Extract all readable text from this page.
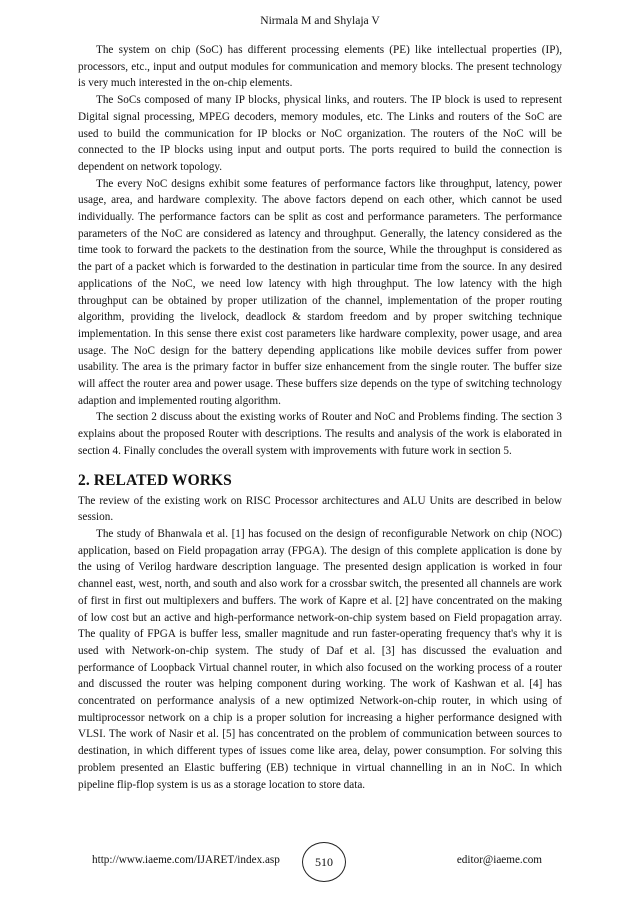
Nirmala M and Shylaja V

The system on chip (SoC) has different processing elements (PE) like intellectual properties (IP), processors, etc., input and output modules for communication and memory blocks. The present technology is very much interested in the on-chip elements.

The SoCs composed of many IP blocks, physical links, and routers. The IP block is used to represent Digital signal processing, MPEG decoders, memory modules, etc. The Links and routers of the SoC are used to build the communication for IP blocks or NoC organization. The routers of the NoC will be connected to the IP blocks using input and output ports. The ports required to build the connection is dependent on network topology.

The every NoC designs exhibit some features of performance factors like throughput, latency, power usage, area, and hardware complexity. The above factors depend on each other, which cannot be used individually. The performance factors can be split as cost and performance parameters. The performance parameters of the NoC are considered as latency and throughput. Generally, the latency considered as the time took to forward the packets to the destination from the source, While the throughput is considered as the part of a packet which is forwarded to the destination in particular time from the source. In any desired applications of the NoC, we need low latency with high throughput. The low latency with the high throughput can be obtained by proper utilization of the channel, implementation of the proper routing algorithm, providing the livelock, deadlock & stardom freedom and by proper switching technique implementation. In this sense there exist cost parameters like hardware complexity, power usage, and area usage. The NoC design for the battery depending applications like mobile devices suffer from power usability. The area is the primary factor in buffer size enhancement from the single router. The buffer size will affect the router area and power usage. These buffers size depends on the type of switching technology adaption and implemented routing algorithm.

The section 2 discuss about the existing works of Router and NoC and Problems finding. The section 3 explains about the proposed Router with descriptions. The results and analysis of the work is elaborated in section 4. Finally concludes the overall system with improvements with future work in section 5.

2. RELATED WORKS

The review of the existing work on RISC Processor architectures and ALU Units are described in below session.

The study of Bhanwala et al. [1] has focused on the design of reconfigurable Network on chip (NOC) application, based on Field propagation array (FPGA). The design of this complete application is done by the using of Verilog hardware description language. The presented design application is worked in four channel east, west, north, and south and also work for a crossbar switch, the presented all channels are work of first in first out multiplexers and buffers. The work of Kapre et al. [2] have concentrated on the making of low cost but an active and high-performance network-on-chip system based on Field propagation array. The quality of FPGA is buffer less, smaller magnitude and run faster-operating frequency that's why it is used with Network-on-chip system. The study of Daf et al. [3] has discussed the evaluation and performance of Loopback Virtual channel router, in which also focused on the working process of a router and discussed the router was helping component during working. The work of Kashwan et al. [4] has concentrated on performance analysis of a new optimized Network-on-chip router, in which using of multiprocessor network on a chip is a proper solution for increasing a higher performance designed with VLSI. The work of Nasir et al. [5] has concentrated on the problem of communication between sources to destination, in which different types of issues come like area, delay, power consumption. For solving this problem presented an Elastic buffering (EB) technique in virtual channelling in an in NoC. In which pipeline flip-flop system is us as a storage location to store data.

http://www.iaeme.com/IJARET/index.asp	510	editor@iaeme.com
